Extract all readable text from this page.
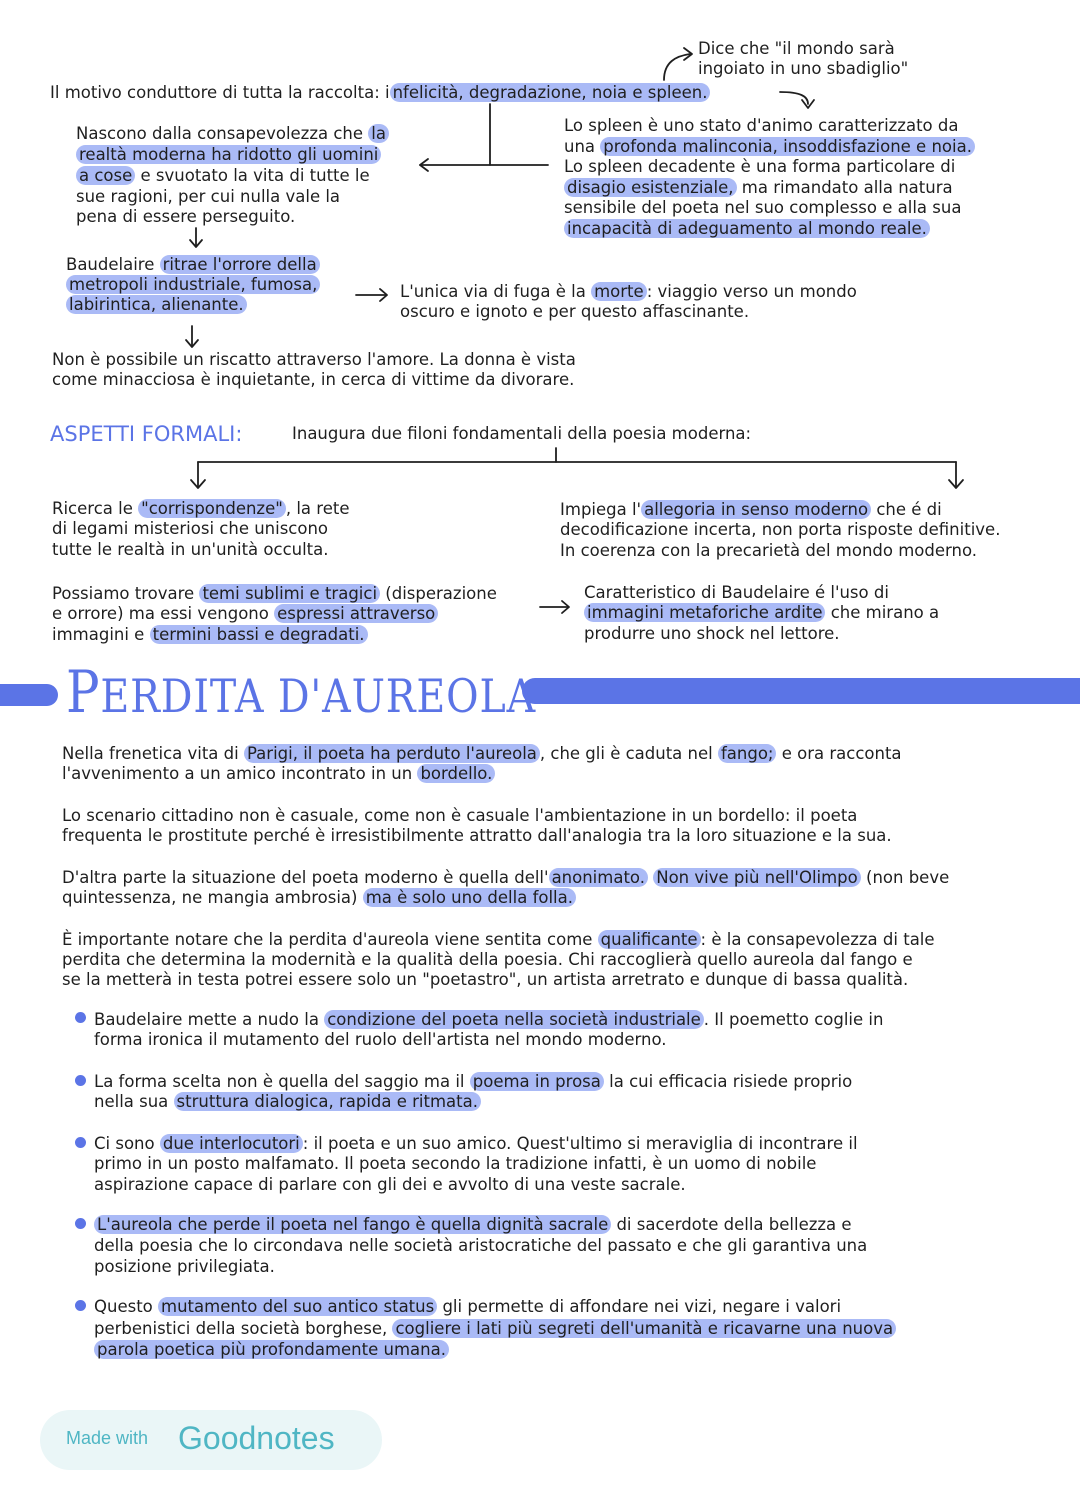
Dice che "il mondo sarà
ingoiato in uno sbadiglio"

Il motivo conduttore di tutta la raccolta: i nfelicità, degradazione, noia e spleen.

Nascono dalla consapevolezza che la

realtà moderna ha ridotto gli uomini

a cose e svuotato la vita di tutte le

sue ragioni, per cui nulla vale la

pena di essere perseguito.

Lo spleen è uno stato d'animo caratterizzato da

una profonda malinconia, insoddisfazione e noia.

Lo spleen decadente è una forma particolare di

disagio esistenziale, ma rimandato alla natura

sensibile del poeta nel suo complesso e alla sua

incapacità di adeguamento al mondo reale.

Baudelaire ritrae l'orrore della

metropoli industriale, fumosa,

labirintica, alienante.

L'unica via di fuga è la morte : viaggio verso un mondo

oscuro e ignoto e per questo affascinante.

Non è possibile un riscatto attraverso l'amore. La donna è vista

come minacciosa è inquietante, in cerca di vittime da divorare.

ASPETTI FORMALI:	Inaugura due filoni fondamentali della poesia moderna:

Ricerca le "corrispondenze" , la rete

di legami misteriosi che uniscono

tutte le realtà in un'unità occulta.

Impiega l' allegoria in senso moderno che é di

decodificazione incerta, non porta risposte definitive.

In coerenza con la precarietà del mondo moderno.

Possiamo trovare temi sublimi e tragici (disperazione

e orrore) ma essi vengono espressi attraverso

immagini e termini bassi e degradati.

Caratteristico di Baudelaire é l'uso di

immagini metaforiche ardite che mirano a

produrre uno shock nel lettore.

PERDITA D'AUREOLA

Nella frenetica vita di Parigi, il poeta ha perduto l'aureola , che gli è caduta nel fango; e ora racconta

l'avvenimento a un amico incontrato in un bordello.

Lo scenario cittadino non è casuale, come non è casuale l'ambientazione in un bordello: il poeta

frequenta le prostitute perché è irresistibilmente attratto dall'analogia tra la loro situazione e la sua.

D'altra parte la situazione del poeta moderno è quella dell' anonimato. Non vive più nell'Olimpo (non beve

quintessenza, ne mangia ambrosia) ma è solo uno della folla.

È importante notare che la perdita d'aureola viene sentita come qualificante : è la consapevolezza di tale

perdita che determina la modernità e la qualità della poesia. Chi raccoglierà quello aureola dal fango e

se la metterà in testa potrei essere solo un "poetastro", un artista arretrato e dunque di bassa qualità.

Baudelaire mette a nudo la condizione del poeta nella società industriale . Il poemetto coglie in

forma ironica il mutamento del ruolo dell'artista nel mondo moderno.

La forma scelta non è quella del saggio ma il poema in prosa la cui efficacia risiede proprio

nella sua struttura dialogica, rapida e ritmata.

Ci sono due interlocutori : il poeta e un suo amico. Quest'ultimo si meraviglia di incontrare il

primo in un posto malfamato. Il poeta secondo la tradizione infatti, è un uomo di nobile

aspirazione capace di parlare con gli dei e avvolto di una veste sacrale.

L'aureola che perde il poeta nel fango è quella dignità sacrale di sacerdote della bellezza e

della poesia che lo circondava nelle società aristocratiche del passato e che gli garantiva una

posizione privilegiata.

Questo mutamento del suo antico status gli permette di affondare nei vizi, negare i valori

perbenistici della società borghese, cogliere i lati più segreti dell'umanità e ricavarne una nuova

parola poetica più profondamente umana.

Made with Goodnotes
